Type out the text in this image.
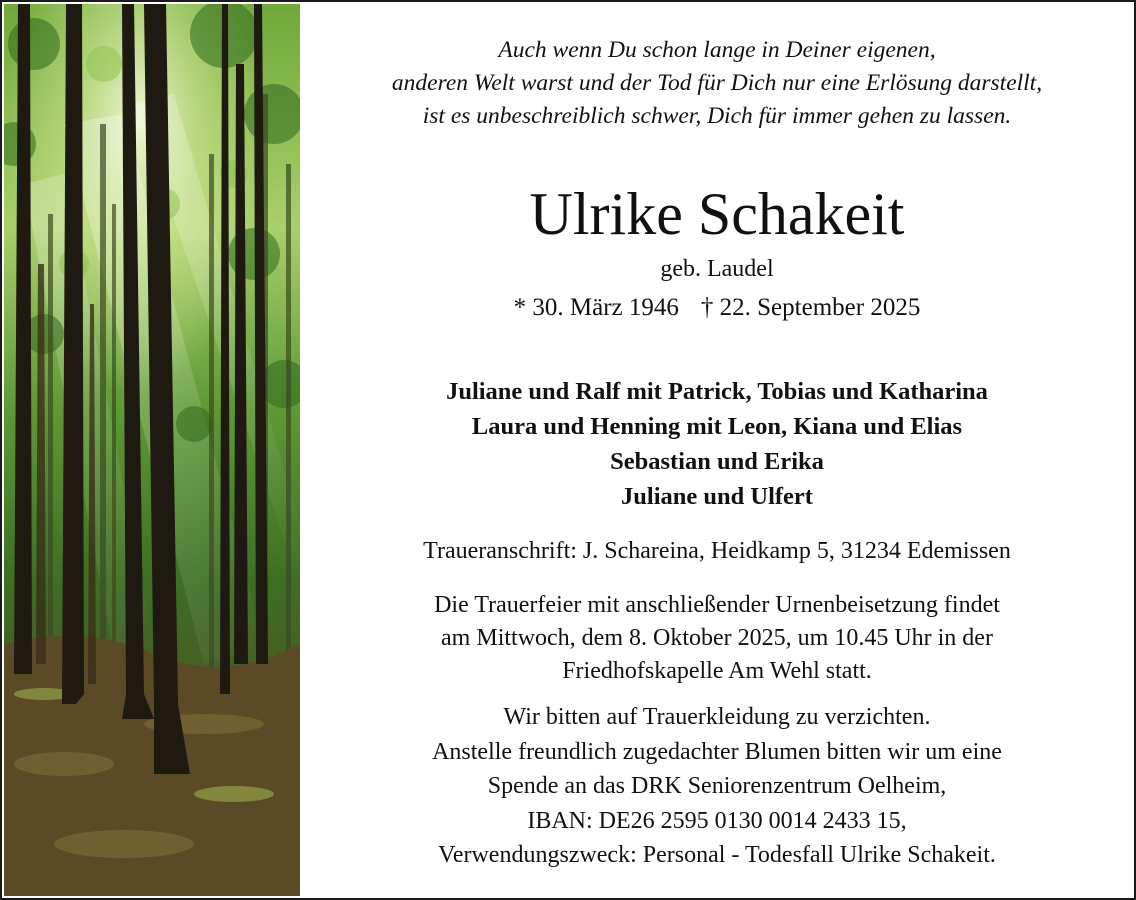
Auch wenn Du schon lange in Deiner eigenen,
anderen Welt warst und der Tod für Dich nur eine Erlösung darstellt,
ist es unbeschreiblich schwer, Dich für immer gehen zu lassen.
Ulrike Schakeit
geb. Laudel
* 30. März 1946 † 22. September 2025
Juliane und Ralf mit Patrick, Tobias und Katharina
Laura und Henning mit Leon, Kiana und Elias
Sebastian und Erika
Juliane und Ulfert
Traueranschrift: J. Schareina, Heidkamp 5, 31234 Edemissen
Die Trauerfeier mit anschließender Urnenbeisetzung findet
am Mittwoch, dem 8. Oktober 2025, um 10.45 Uhr in der
Friedhofskapelle Am Wehl statt.
Wir bitten auf Trauerkleidung zu verzichten.
Anstelle freundlich zugedachter Blumen bitten wir um eine
Spende an das DRK Seniorenzentrum Oelheim,
IBAN: DE26 2595 0130 0014 2433 15,
Verwendungszweck: Personal - Todesfall Ulrike Schakeit.
